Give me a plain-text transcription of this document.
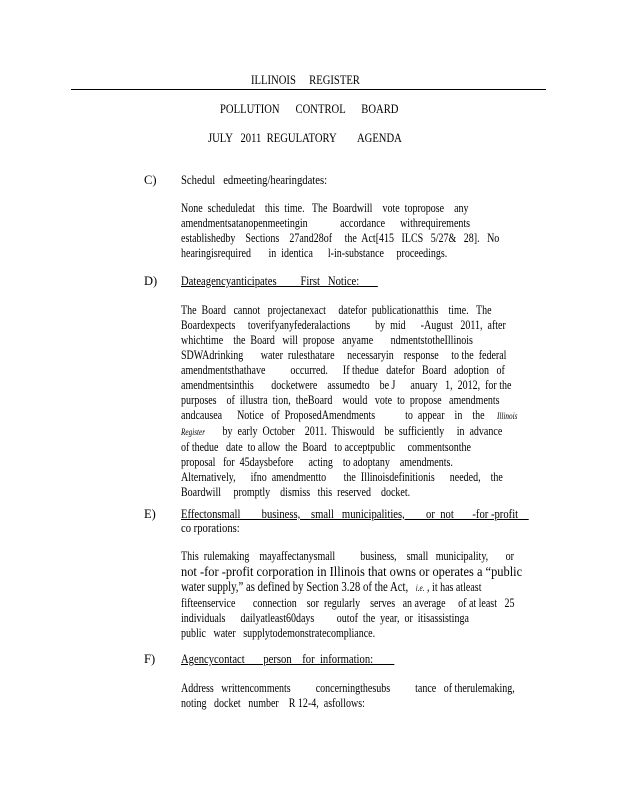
ILLINOIS     REGISTER
POLLUTION      CONTROL      BOARD
JULY   2011  REGULATORY        AGENDA
C) Schedul   edmeeting/hearingdates:
None  scheduledat    this  time.   The  Boardwill    vote  topropose    any
amendmentsatanopenmeetingin             accordance      withrequirements
establishedby    Sections    27and28of     the  Act[415   ILCS   5/27&   28].   No
hearingisrequired       in  identica      l-in-substance     proceedings.
D) Dateagencyanticipates         First   Notice:
The  Board   cannot   projectanexact     datefor  publicationatthis    time.   The
Boardexpects     toverifyanyfederalactions          by  mid      -August   2011,  after
whichtime    the  Board   will  propose   anyame       ndmentstotheIllinois
SDWAdrinking       water  rulesthatare     necessaryin    response     to the  federal
amendmentsthathave          occurred.      If thedue   datefor   Board   adoption   of
amendmentsinthis       docketwere    assumedto    be J      anuary   1,  2012,  for the
purposes    of  illustra  tion,  theBoard    would   vote  to  propose   amendments
andcausea      Notice   of  ProposedAmendments            to  appear    in    the     Illinois
Register       by  early  October    2011.  Thiswould    be  sufficiently     in  advance
of thedue   date  to allow  the  Board   to acceptpublic     commentsonthe
proposal   for  45daysbefore      acting    to adoptany    amendments.
Alternatively,      ifno  amendmentto       the  Illinoisdefinitionis      needed,    the
Boardwill     promptly    dismiss   this  reserved    docket.
E) Effectonsmall        business,    small   municipalities,        or  not       -for -profit
co rporations:
This  rulemaking    mayaffectanysmall          business,    small   municipality,       or
not -for -profit corporation in Illinois that owns or operates a “public
water supply,” as defined by Section 3.28 of the Act, i.e. , it has atleast
fifteenservice       connection    sor  regularly    serves   an average     of at least   25
individuals      dailyatleast60days         outof  the  year,  or  itisassistinga
public   water   supplytodemonstratecompliance.
F) Agencycontact       person    for  information:
Address   writtencomments          concerningthesubs          tance   of therulemaking,
noting   docket   number    R 12-4,  asfollows:
